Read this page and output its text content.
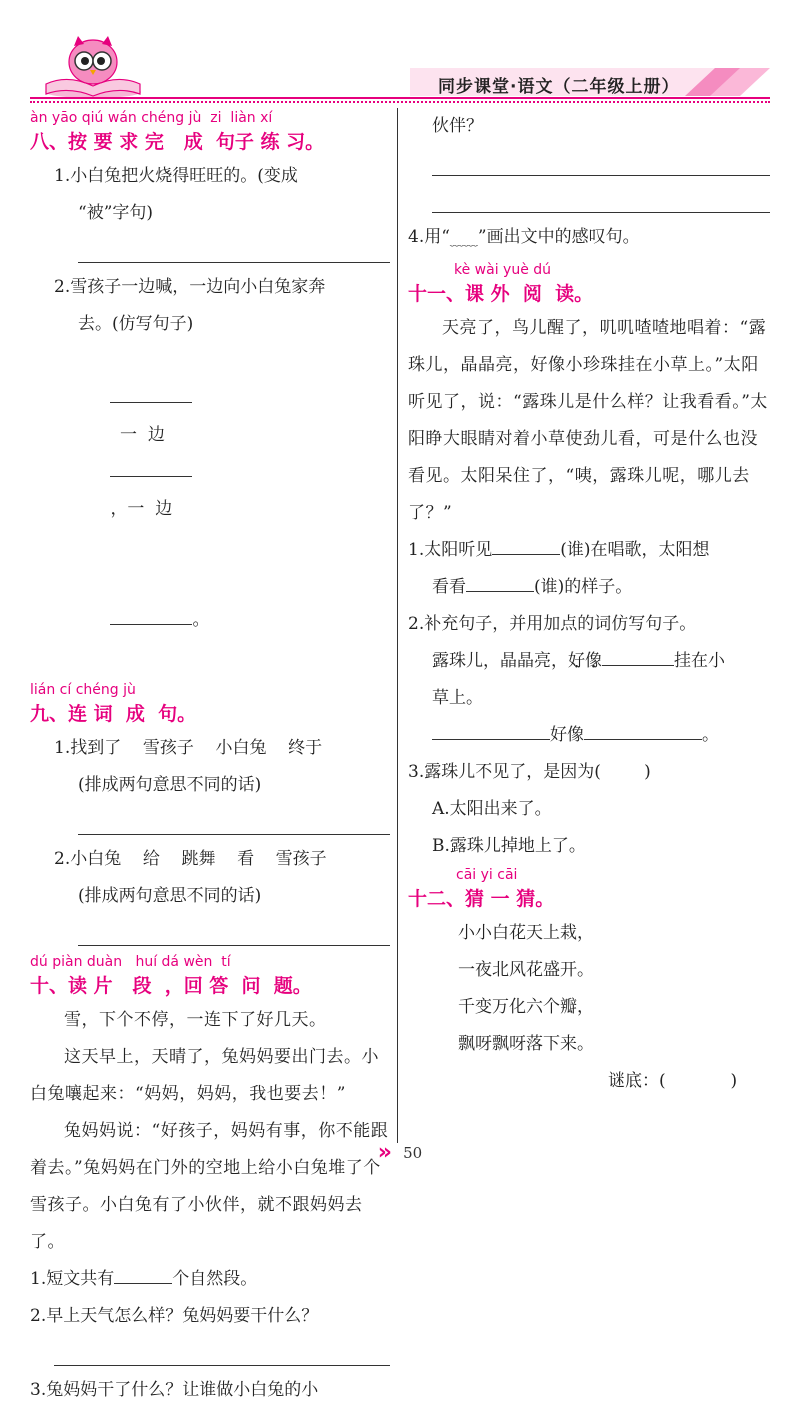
同步课堂·语文（二年级上册）
àn yāo qiú wán chéng jù  zi  liàn xí
八、按 要 求 完   成  句子 练 习。
1.小白兔把火烧得旺旺的。(变成
“被”字句)
2.雪孩子一边喊，一边向小白兔家奔
去。(仿写句子)

一  边

，一  边

。

lián cí chéng jù
九、连 词  成  句。
1.找到了    雪孩子    小白兔    终于
(排成两句意思不同的话)
2.小白兔    给    跳舞    看    雪孩子
(排成两句意思不同的话)
dú piàn duàn   huí dá wèn  tí
十、读 片   段  ，回 答  问  题。
雪，下个不停，一连下了好几天。
这天早上，天晴了，兔妈妈要出门去。小白兔嚷起来：“妈妈，妈妈，我也要去！”
兔妈妈说：“好孩子，妈妈有事，你不能跟着去。”兔妈妈在门外的空地上给小白兔堆了个雪孩子。小白兔有了小伙伴，就不跟妈妈去了。
1.短文共有	个自然段。
2.早上天气怎么样？兔妈妈要干什么？
3.兔妈妈干了什么？让谁做小白兔的小
伙伴？
4.用“﹏﹏”画出文中的感叹句。
kè wài yuè dú
十一、课 外  阅  读。
天亮了，鸟儿醒了，叽叽喳喳地唱着：“露珠儿，晶晶亮，好像小珍珠挂在小草上。”太阳听见了，说：“露珠儿是什么样？让我看看。”太阳睁大眼睛对着小草使劲儿看，可是什么也没看见。太阳呆住了，“咦，露珠儿呢，哪儿去了？”
1.太阳听见	(谁)在唱歌，太阳想
看看	(谁)的样子。
2.补充句子，并用加点的词仿写句子。
露珠儿，晶晶亮，好像	挂在小
草上。
好像	。
3.露珠儿不见了，是因为(        )
A.太阳出来了。
B.露珠儿掉地上了。
cāi yi cāi
十二、猜 一 猜。
小小白花天上栽，
一夜北风花盛开。
千变万化六个瓣，
飘呀飘呀落下来。
谜底：(            )
» 50
